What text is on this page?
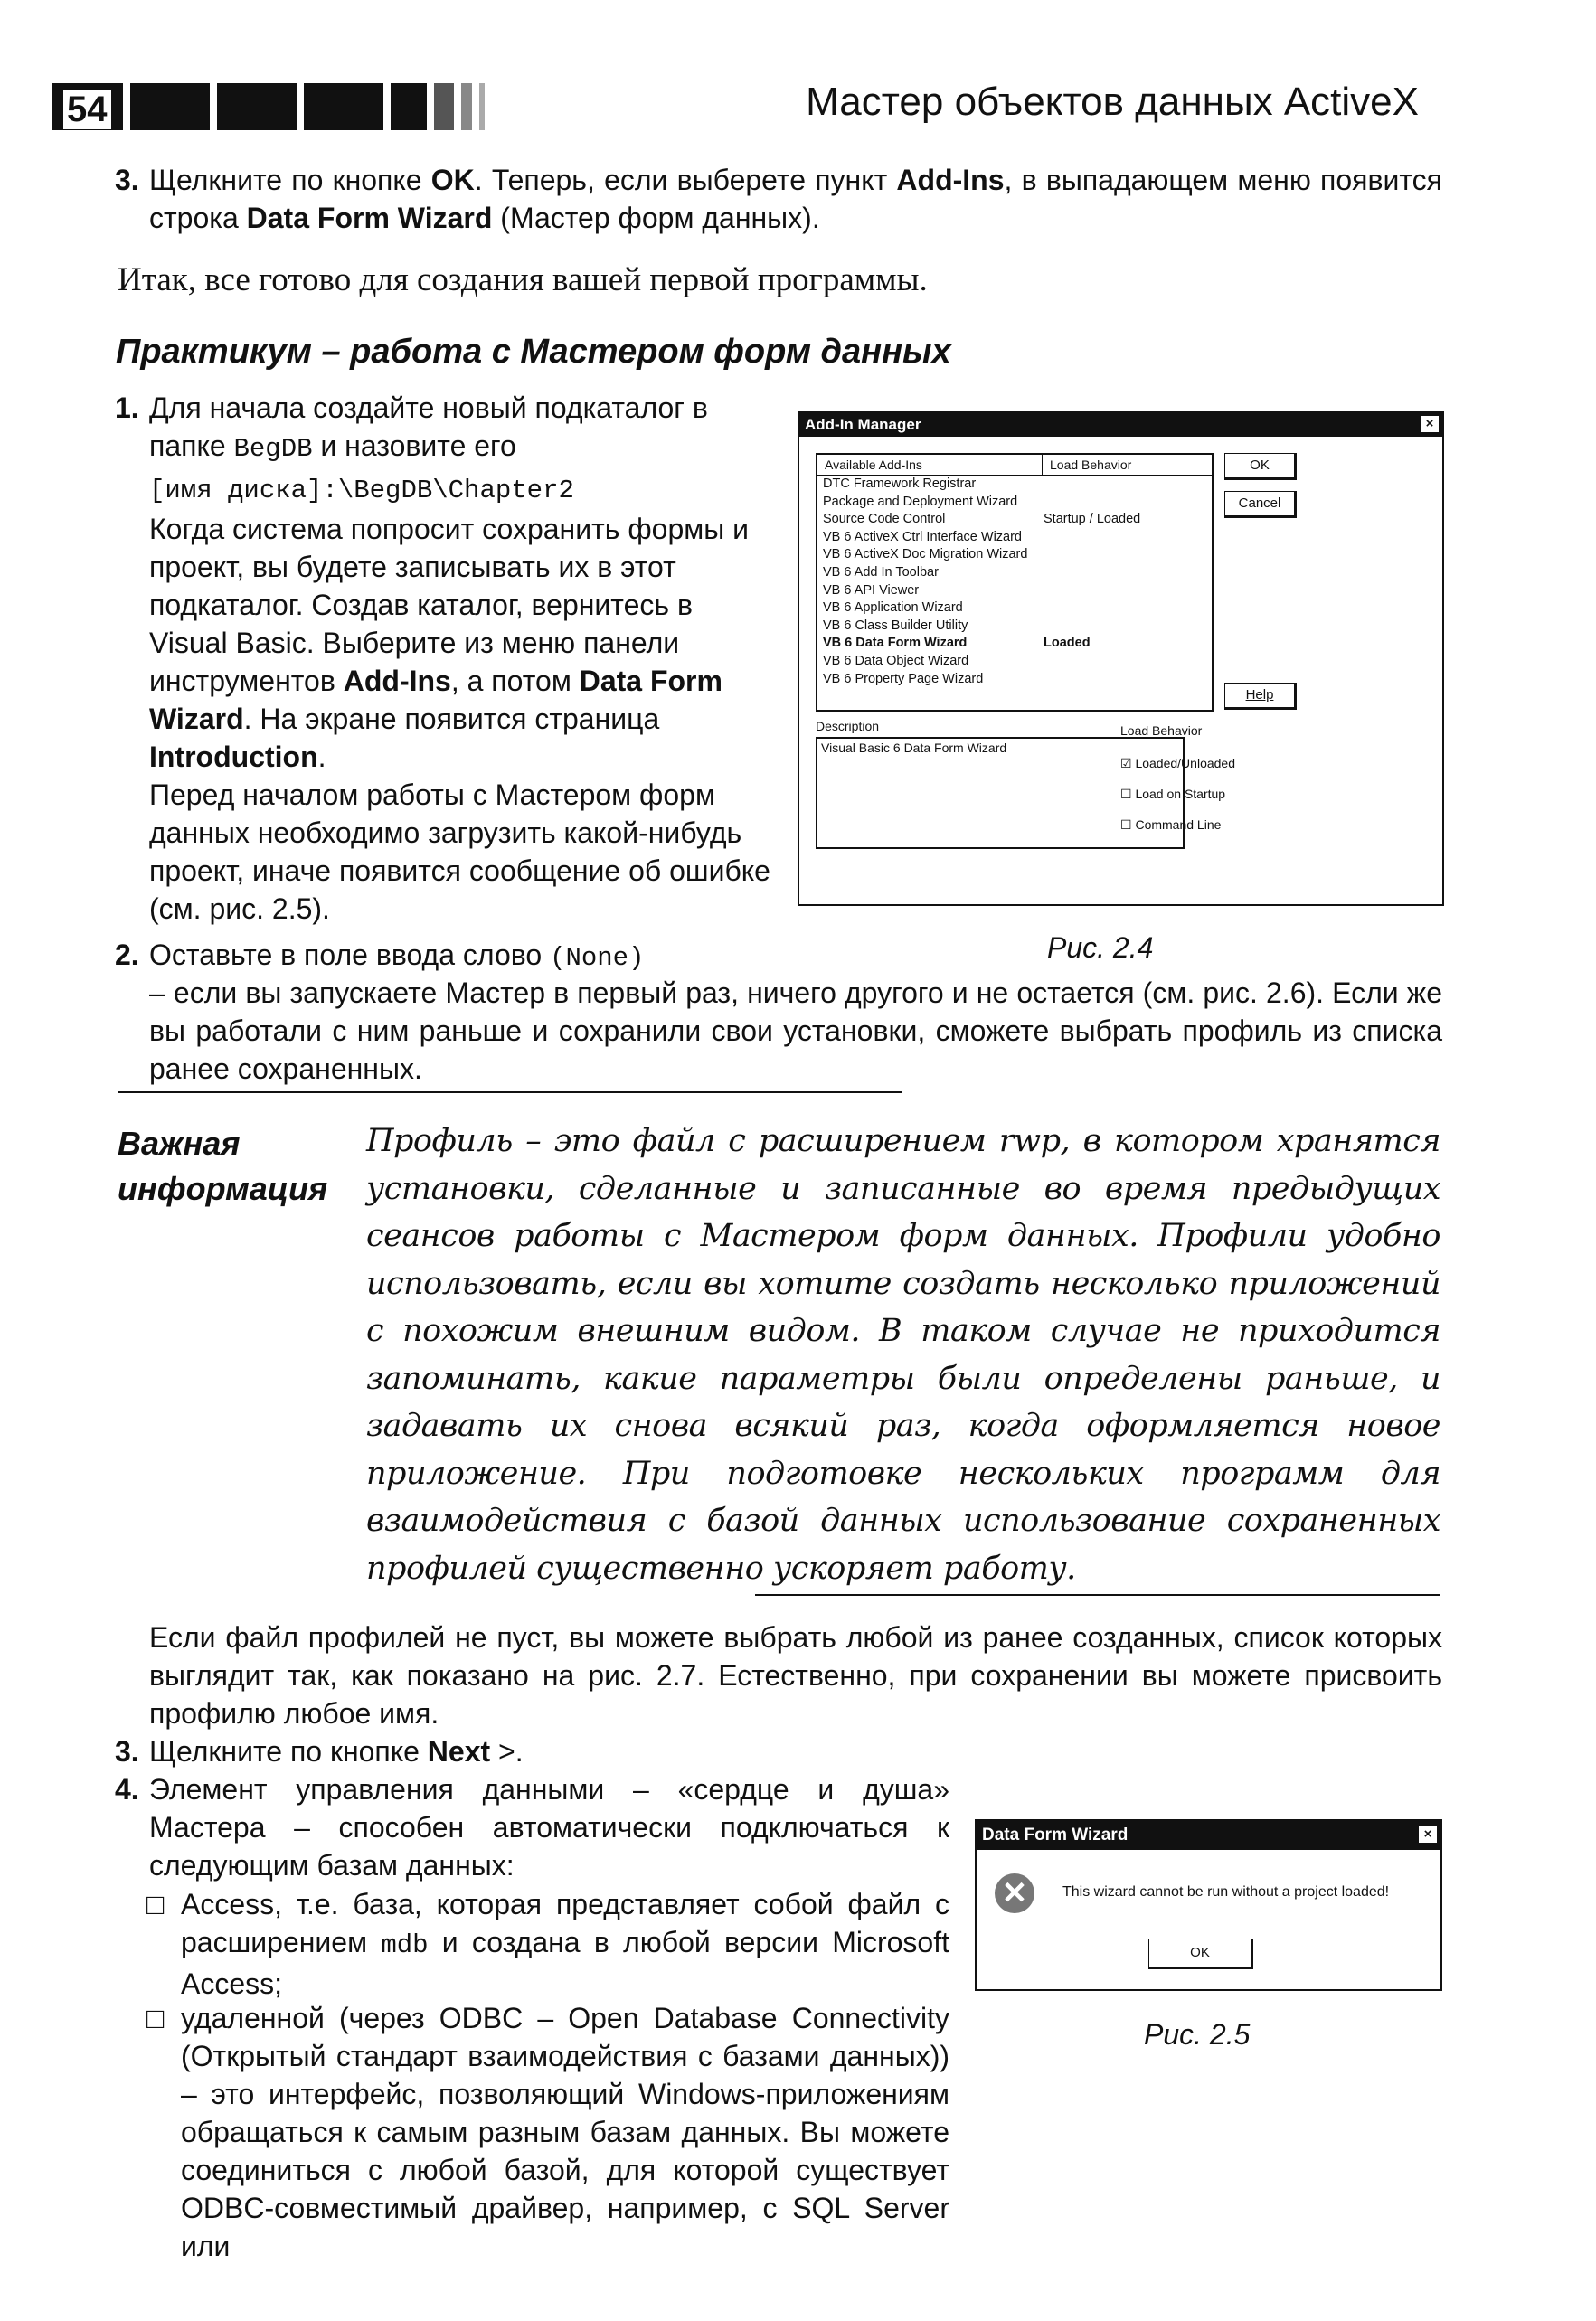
54	Мастер объектов данных ActiveX
3. Щелкните по кнопке OK. Теперь, если выберете пункт Add-Ins, в выпадающем меню появится строка Data Form Wizard (Мастер форм данных).
Итак, все готово для создания вашей первой программы.
Практикум – работа с Мастером форм данных
1. Для начала создайте новый подкаталог в папке BegDB и назовите его
[имя диска]:\BegDB\Chapter2
Когда система попросит сохранить формы и проект, вы будете записывать их в этот подкаталог. Создав каталог, вернитесь в Visual Basic. Выберите из меню панели инструментов Add-Ins, а потом Data Form Wizard. На экране появится страница Introduction.
Перед началом работы с Мастером форм данных необходимо загрузить какой-нибудь проект, иначе появится сообщение об ошибке (см. рис. 2.5).
2. Оставьте в поле ввода слово (None)
– если вы запускаете Мастер в первый раз, ничего другого и не остается (см. рис. 2.6). Если же вы работали с ним раньше и сохранили свои установки, сможете выбрать профиль из списка ранее сохраненных.
Add-In Manager	×
Available Add-Ins	Load Behavior
DTC Framework Registrar
Package and Deployment Wizard
Source Code Control	Startup / Loaded
VB 6 ActiveX Ctrl Interface Wizard
VB 6 ActiveX Doc Migration Wizard
VB 6 Add In Toolbar
VB 6 API Viewer
VB 6 Application Wizard
VB 6 Class Builder Utility
VB 6 Data Form Wizard	Loaded
VB 6 Data Object Wizard
VB 6 Property Page Wizard
OK
Cancel
Help
Description
Visual Basic 6 Data Form Wizard
Load Behavior
☑ Loaded/Unloaded
☐ Load on Startup
☐ Command Line
Рис. 2.4
Важная
информация
Профиль – это файл с расширением rwp, в котором хранятся установки, сделанные и записанные во время предыдущих сеансов работы с Мастером форм данных. Профили удобно использовать, если вы хотите создать несколько приложений с похожим внешним видом. В таком случае не приходится запоминать, какие параметры были определены раньше, и задавать их снова всякий раз, когда оформляется новое приложение. При подготовке нескольких программ для взаимодействия с базой данных использование сохраненных профилей существенно ускоряет работу.
Если файл профилей не пуст, вы можете выбрать любой из ранее созданных, список которых выглядит так, как показано на рис. 2.7. Естественно, при сохранении вы можете присвоить профилю любое имя.
3. Щелкните по кнопке Next >.
4. Элемент управления данными – «сердце и душа» Мастера – способен автоматически подключаться к следующим базам данных:
□ Access, т.е. база, которая представляет собой файл с расширением mdb и создана в любой версии Microsoft Access;
□ удаленной (через ODBC – Open Database Connectivity (Открытый стандарт взаимодействия с базами данных)) – это интерфейс, позволяющий Windows-приложениям обращаться к самым разным базам данных. Вы можете соединиться с любой базой, для которой существует ODBC-совместимый драйвер, например, с SQL Server или
Data Form Wizard	×
✕	This wizard cannot be run without a project loaded!
OK
Рис. 2.5
